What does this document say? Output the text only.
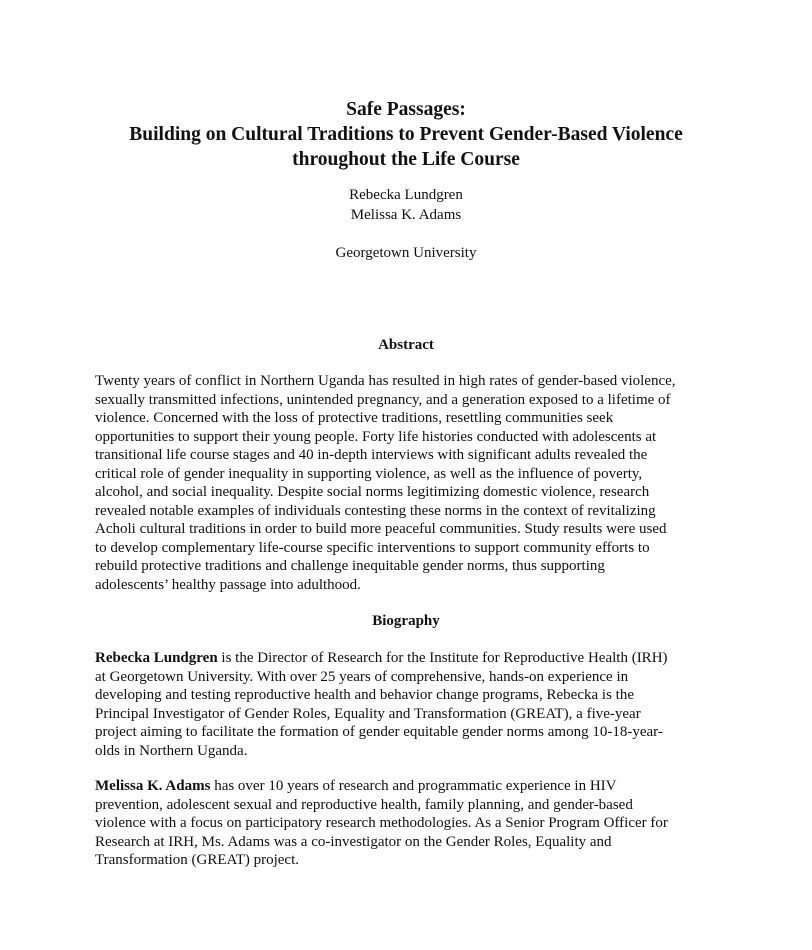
Safe Passages:
Building on Cultural Traditions to Prevent Gender-Based Violence
throughout the Life Course
Rebecka Lundgren
Melissa K. Adams
Georgetown University
Abstract

Twenty years of conflict in Northern Uganda has resulted in high rates of gender-based violence,
sexually transmitted infections, unintended pregnancy, and a generation exposed to a lifetime of
violence. Concerned with the loss of protective traditions, resettling communities seek
opportunities to support their young people. Forty life histories conducted with adolescents at
transitional life course stages and 40 in-depth interviews with significant adults revealed the
critical role of gender inequality in supporting violence, as well as the influence of poverty,
alcohol, and social inequality. Despite social norms legitimizing domestic violence, research
revealed notable examples of individuals contesting these norms in the context of revitalizing
Acholi cultural traditions in order to build more peaceful communities. Study results were used
to develop complementary life-course specific interventions to support community efforts to
rebuild protective traditions and challenge inequitable gender norms, thus supporting
adolescents’ healthy passage into adulthood.

Biography

Rebecka Lundgren is the Director of Research for the Institute for Reproductive Health (IRH)
at Georgetown University. With over 25 years of comprehensive, hands-on experience in
developing and testing reproductive health and behavior change programs, Rebecka is the
Principal Investigator of Gender Roles, Equality and Transformation (GREAT), a five-year
project aiming to facilitate the formation of gender equitable gender norms among 10-18-year-
olds in Northern Uganda.

Melissa K. Adams has over 10 years of research and programmatic experience in HIV
prevention, adolescent sexual and reproductive health, family planning, and gender-based
violence with a focus on participatory research methodologies. As a Senior Program Officer for
Research at IRH, Ms. Adams was a co-investigator on the Gender Roles, Equality and
Transformation (GREAT) project.
